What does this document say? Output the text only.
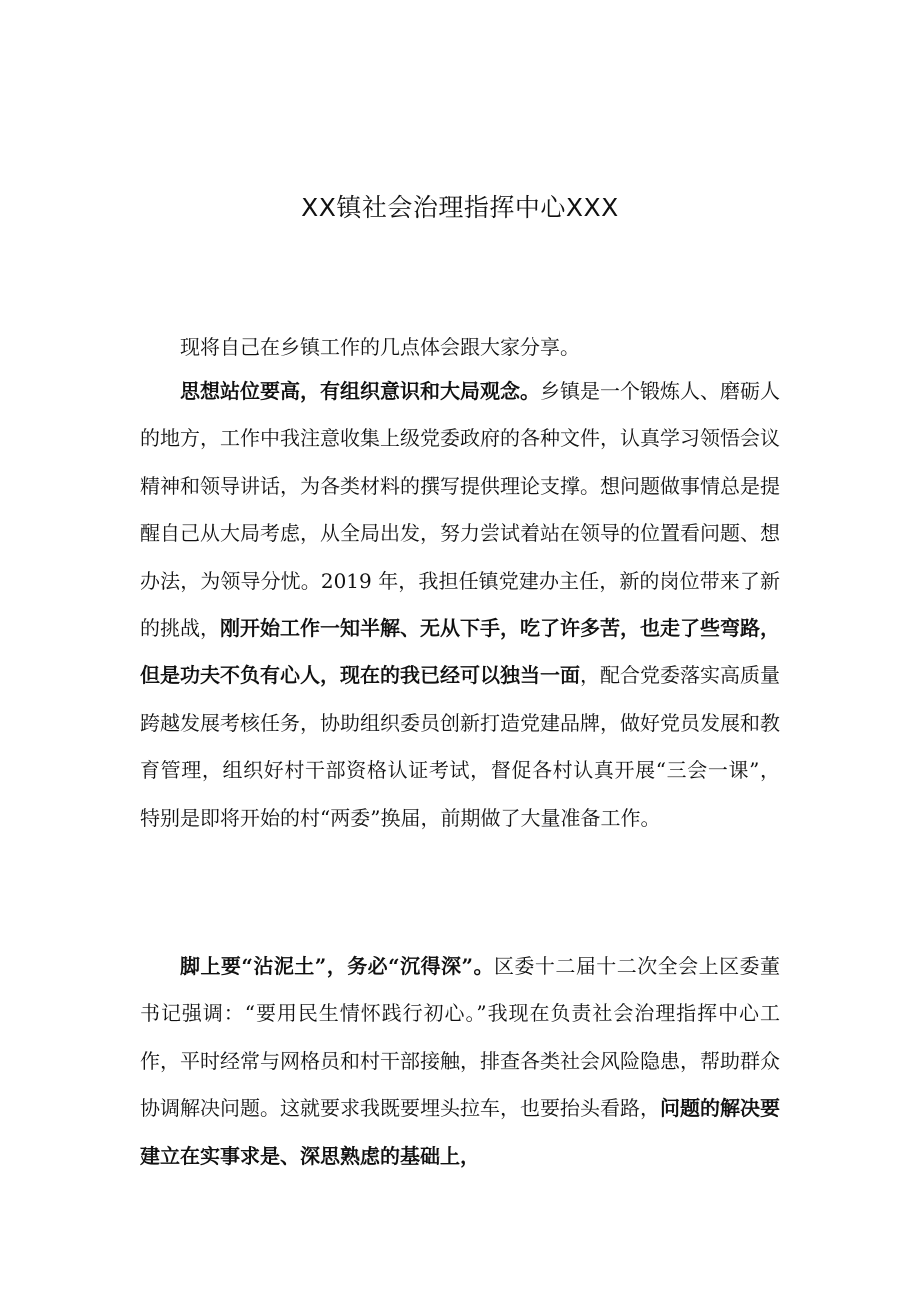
XX镇社会治理指挥中心XXX

现将自己在乡镇工作的几点体会跟大家分享。

思想站位要高，有组织意识和大局观念。乡镇是一个锻炼人、磨砺人的地方，工作中我注意收集上级党委政府的各种文件，认真学习领悟会议精神和领导讲话，为各类材料的撰写提供理论支撑。想问题做事情总是提醒自己从大局考虑，从全局出发，努力尝试着站在领导的位置看问题、想办法，为领导分忧。2019 年，我担任镇党建办主任，新的岗位带来了新的挑战，刚开始工作一知半解、无从下手，吃了许多苦，也走了些弯路，但是功夫不负有心人，现在的我已经可以独当一面，配合党委落实高质量跨越发展考核任务，协助组织委员创新打造党建品牌，做好党员发展和教育管理，组织好村干部资格认证考试，督促各村认真开展“三会一课”，特别是即将开始的村“两委”换届，前期做了大量准备工作。

脚上要“沾泥土”，务必“沉得深”。区委十二届十二次全会上区委董书记强调：“要用民生情怀践行初心。”我现在负责社会治理指挥中心工作，平时经常与网格员和村干部接触，排查各类社会风险隐患，帮助群众协调解决问题。这就要求我既要埋头拉车，也要抬头看路，问题的解决要建立在实事求是、深思熟虑的基础上，
